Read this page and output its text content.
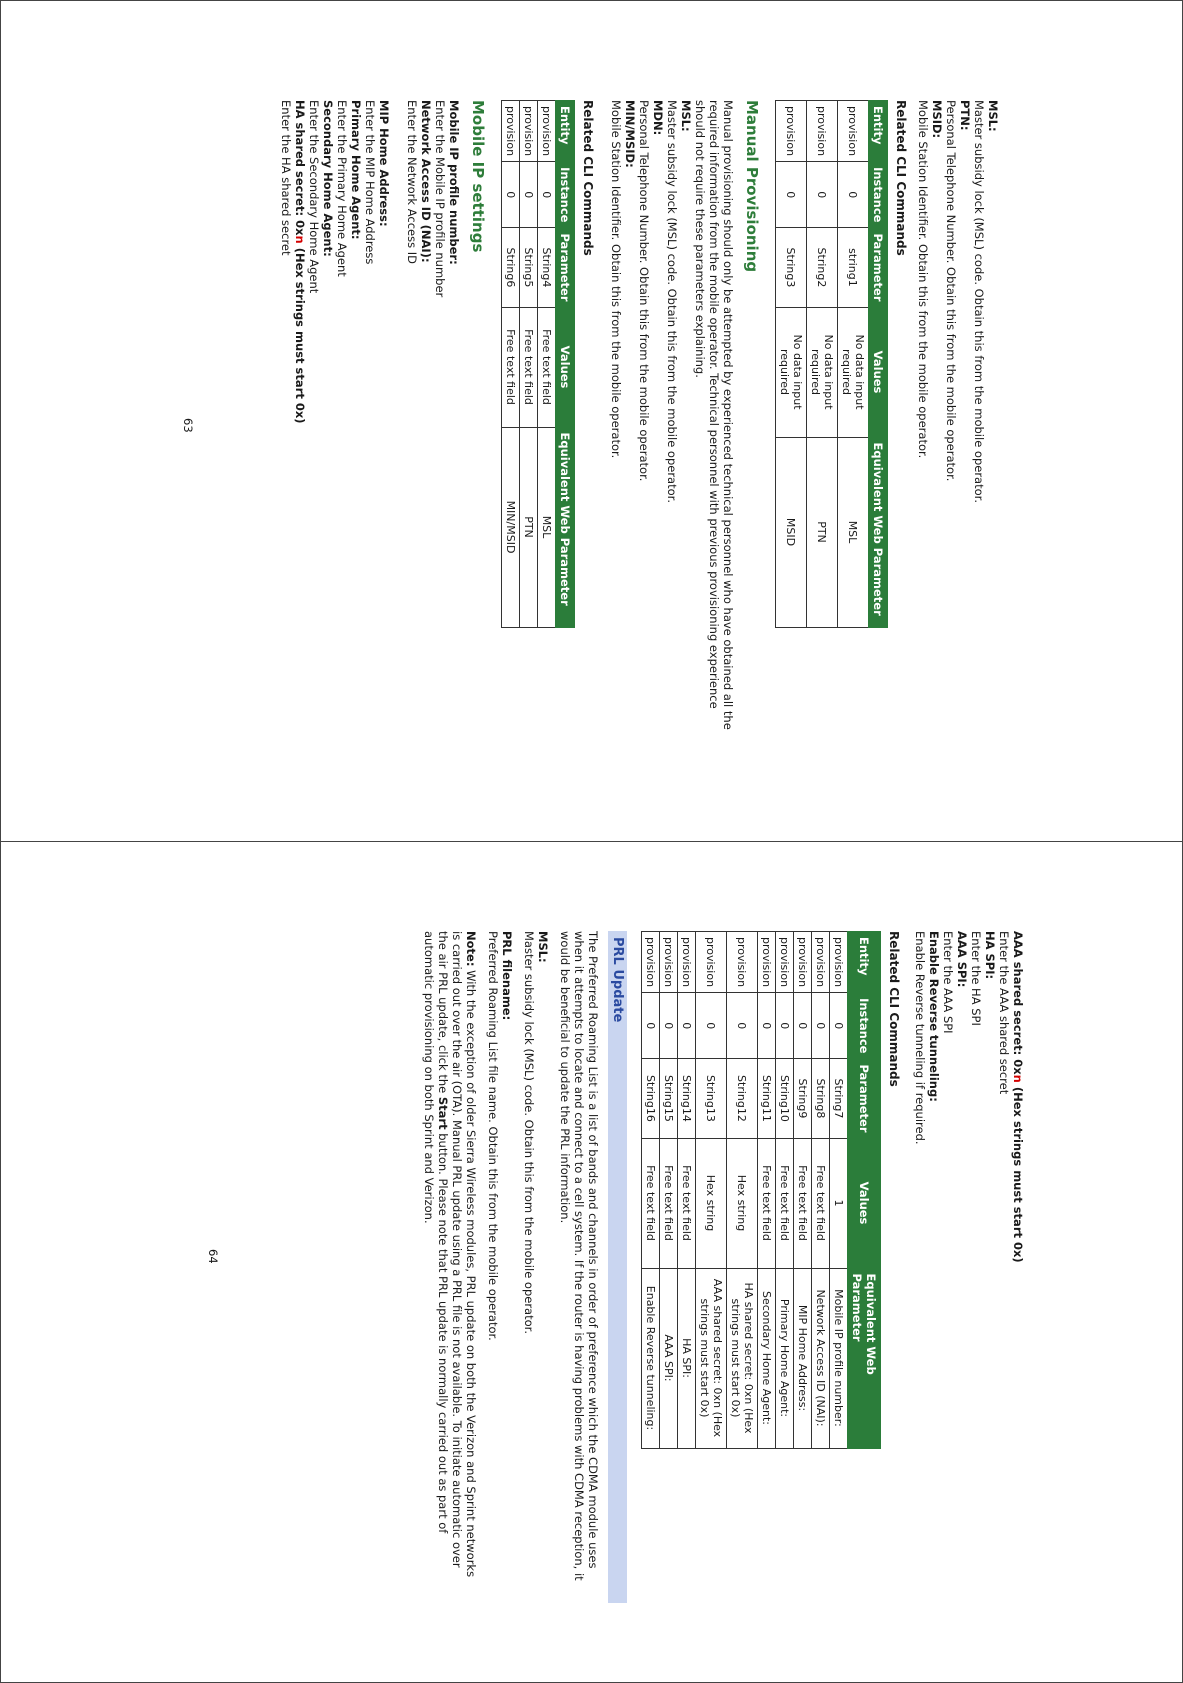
MSL:
Master subsidy lock (MSL) code. Obtain this from the mobile operator.
PTN:
Personal Telephone Number. Obtain this from the mobile operator.
MSID:
Mobile Station Identifier. Obtain this from the mobile operator.
Related CLI Commands
Entity	Instance	Parameter	Values	Equivalent Web Parameter
provision	0	string1	No data input required	MSL
provision	0	String2	No data input required	PTN
provision	0	String3	No data input required	MSID
Manual Provisioning
Manual provisioning should only be attempted by experienced technical personnel who have obtained all the required information from the mobile operator. Technical personnel with previous provisioning experience should not require these parameters explaining.
MSL:
Master subsidy lock (MSL) code. Obtain this from the mobile operator.
MDN:
Personal Telephone Number. Obtain this from the mobile operator.
MIN/MSID:
Mobile Station Identifier. Obtain this from the mobile operator.
Related CLI Commands
Entity	Instance	Parameter	Values	Equivalent Web Parameter
provision	0	String4	Free text field	MSL
provision	0	String5	Free text field	PTN
provision	0	String6	Free text field	MIN/MSID
Mobile IP settings
Mobile IP profile number:
Enter the Mobile IP profile number
Network Access ID (NAI):
Enter the Network Access ID
MIP Home Address:
Enter the MIP Home Address
Primary Home Agent:
Enter the Primary Home Agent
Secondary Home Agent:
Enter the Secondary Home Agent
HA shared secret: 0xn (Hex strings must start 0x)
Enter the HA shared secret
63
AAA shared secret: 0xn (Hex strings must start 0x)
Enter the AAA shared secret
HA SPI:
Enter the HA SPI
AAA SPI:
Enter the AAA SPI
Enable Reverse tunneling:
Enable Reverse tunneling if required.
Related CLI Commands
Entity	Instance	Parameter	Values	Equivalent Web Parameter
provision	0	String7	1	Mobile IP profile number:
provision	0	String8	Free text field	Network Access ID (NAI):
provision	0	String9	Free text field	MIP Home Address:
provision	0	String10	Free text field	Primary Home Agent:
provision	0	String11	Free text field	Secondary Home Agent:
provision	0	String12	Hex string	HA shared secret: 0xn (Hex strings must start 0x)
provision	0	String13	Hex string	AAA shared secret: 0xn (Hex strings must start 0x)
provision	0	String14	Free text field	HA SPI:
provision	0	String15	Free text field	AAA SPI:
provision	0	String16	Free text field	Enable Reverse tunneling:
PRL Update
The Preferred Roaming List is a list of bands and channels in order of preference which the CDMA module uses when it attempts to locate and connect to a cell system. If the router is having problems with CDMA reception, it would be beneficial to update the PRL information.
MSL:
Master subsidy lock (MSL) code. Obtain this from the mobile operator.
PRL filename:
Preferred Roaming List file name. Obtain this from the mobile operator.
Note: With the exception of older Sierra Wireless modules, PRL update on both the Verizon and Sprint networks is carried out over the air (OTA). Manual PRL update using a PRL file is not available. To initiate automatic over the air PRL update, click the Start button. Please note that PRL update is normally carried out as part of automatic provisioning on both Sprint and Verizon.
64
